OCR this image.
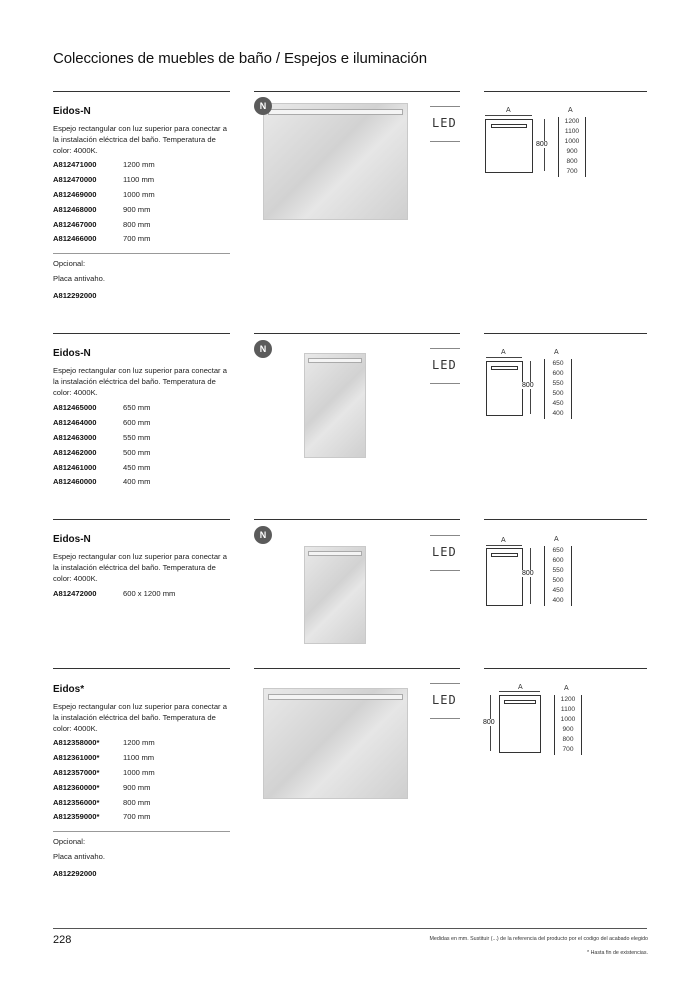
Colecciones de muebles de baño / Espejos e iluminación
Eidos-N
Espejo rectangular con luz superior para conectar a la instalación eléctrica del baño. Temperatura de color: 4000K.
A812471000	1200 mm
A812470000	1100 mm
A812469000	1000 mm
A812468000	900 mm
A812467000	800 mm
A812466000	700 mm
Opcional:
Placa antivaho.
A812292000
N
LED
A
800
A
1200
1100
1000
900
800
700
Eidos-N
Espejo rectangular con luz superior para conectar a la instalación eléctrica del baño. Temperatura de color: 4000K.
A812465000	650 mm
A812464000	600 mm
A812463000	550 mm
A812462000	500 mm
A812461000	450 mm
A812460000	400 mm
N
LED
A
800
A
650
600
550
500
450
400
Eidos-N
Espejo rectangular con luz superior para conectar a la instalación eléctrica del baño. Temperatura de color: 4000K.
A812472000	600 x 1200 mm
N
LED
A
800
A
650
600
550
500
450
400
Eidos*
Espejo rectangular con luz superior para conectar a la instalación eléctrica del baño. Temperatura de color: 4000K.
A812358000*	1200 mm
A812361000*	1100 mm
A812357000*	1000 mm
A812360000*	900 mm
A812356000*	800 mm
A812359000*	700 mm
Opcional:
Placa antivaho.
A812292000
LED
A
800
A
1200
1100
1000
900
800
700
228	Medidas en mm. Sustituir (...) de la referencia del producto por el codigo del acabado elegido
* Hasta fin de existencias.
